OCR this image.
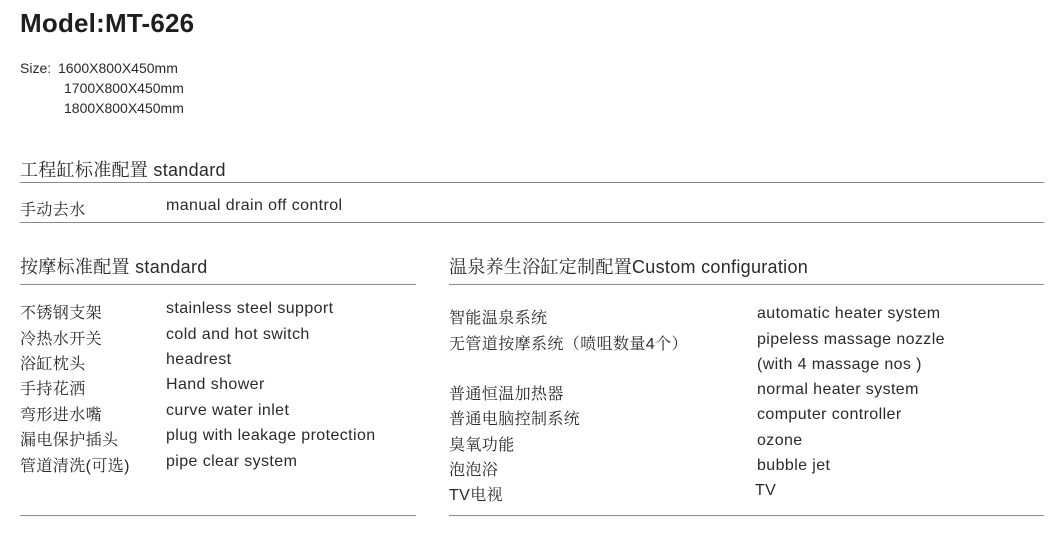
Model:MT-626
Size: 1600X800X450mm
1700X800X450mm
1800X800X450mm
工程缸标准配置 standard
手动去水	manual drain off control
按摩标准配置 standard
不锈钢支架	stainless steel support
冷热水开关	cold and hot switch
浴缸枕头	headrest
手持花洒	Hand shower
弯形进水嘴	curve water inlet
漏电保护插头	plug with leakage protection
管道清洗(可选) pipe clear system
温泉养生浴缸定制配置Custom configuration
智能温泉系统	automatic heater system
无管道按摩系统（喷咀数量4个）	pipeless massage nozzle
(with 4 massage nos )
普通恒温加热器	normal heater system
普通电脑控制系统	computer controller
臭氧功能	ozone
泡泡浴	bubble jet
TV电视	TV
